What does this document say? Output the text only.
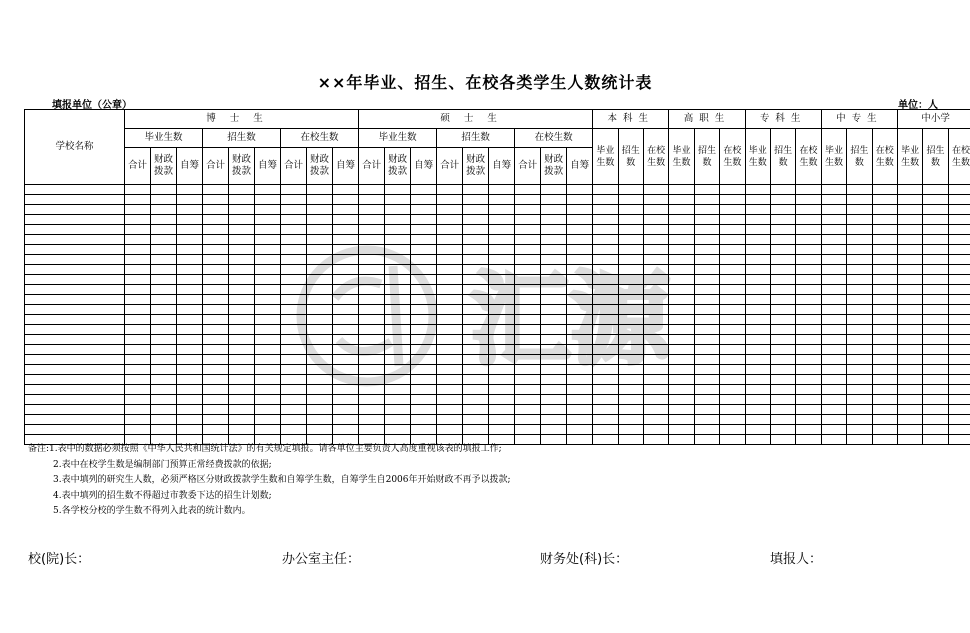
××年毕业、招生、在校各类学生人数统计表
填报单位（公章）	单位：人
学校名称	博士生									硕士生									本科生			高职生			专科生			中专生			中小学		
	毕业生数			招生数			在校生数			毕业生数			招生数			在校生数			毕业生数	招生数	在校生数	毕业生数	招生数	在校生数	毕业生数	招生数	在校生数	毕业生数	招生数	在校生数	毕业生数	招生数	在校生数
	合计	财政拨款	自筹	合计	财政拨款	自筹	合计	财政拨款	自筹	合计	财政拨款	自筹	合计	财政拨款	自筹	合计	财政拨款	自筹															

汇源
备注:1.表中的数据必须按照《中华人民共和国统计法》的有关规定填报。请各单位主要负责人高度重视该表的填报工作;
2.表中在校学生数是编制部门预算正常经费拨款的依据;
3.表中填列的研究生人数，必须严格区分财政拨款学生数和自筹学生数，自筹学生自2006年开始财政不再予以拨款;
4.表中填列的招生数不得超过市教委下达的招生计划数;
5.各学校分校的学生数不得列入此表的统计数内。
校(院)长：	办公室主任：	财务处(科)长：	填报人：
